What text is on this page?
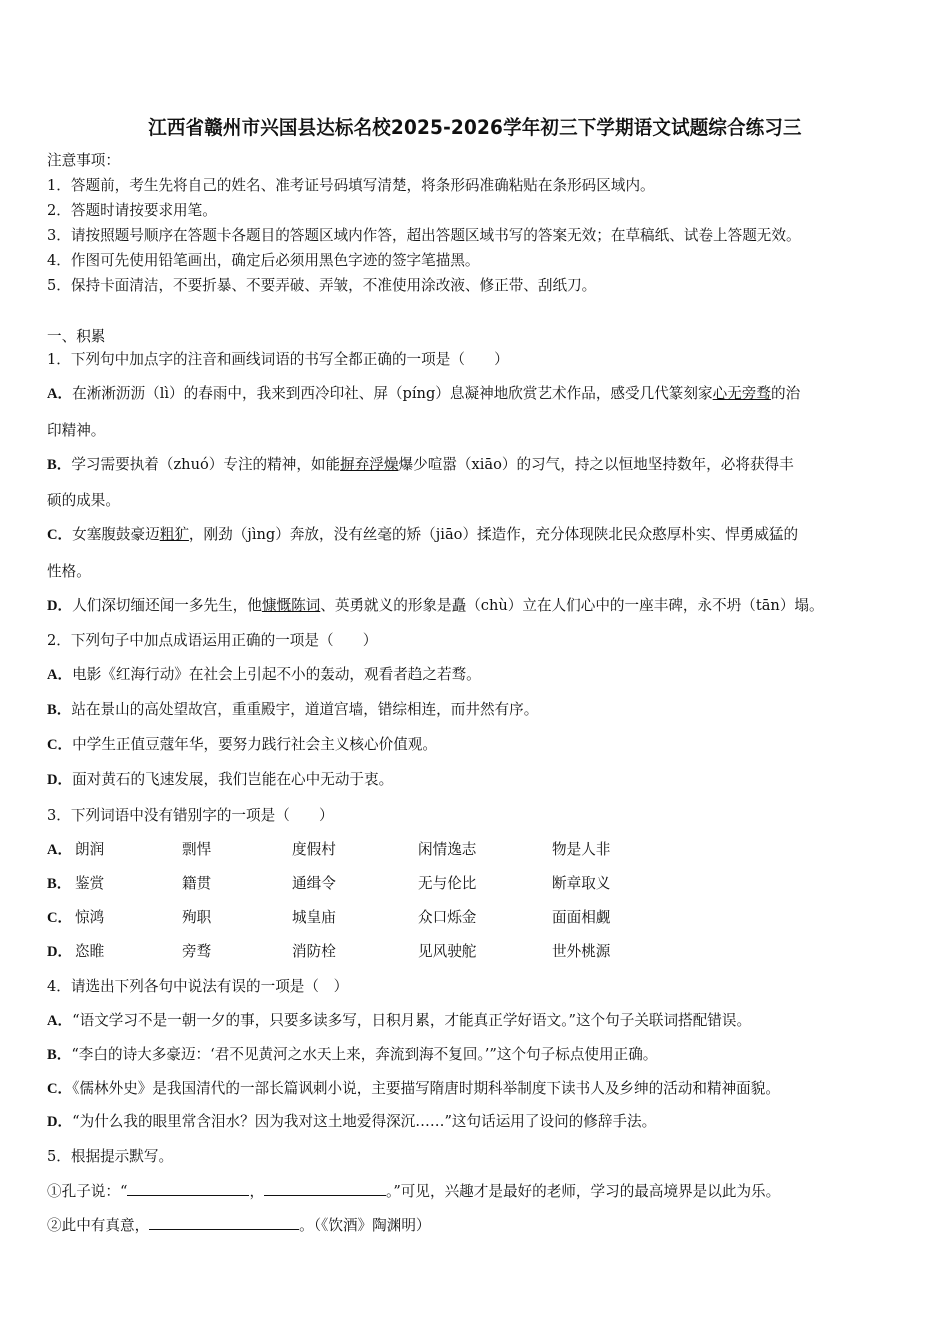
江西省赣州市兴国县达标名校2025-2026学年初三下学期语文试题综合练习三
注意事项：
1．答题前，考生先将自己的姓名、准考证号码填写清楚，将条形码准确粘贴在条形码区域内。
2．答题时请按要求用笔。
3．请按照题号顺序在答题卡各题目的答题区域内作答，超出答题区域书写的答案无效；在草稿纸、试卷上答题无效。
4．作图可先使用铅笔画出，确定后必须用黑色字迹的签字笔描黑。
5．保持卡面清洁，不要折暴、不要弄破、弄皱，不准使用涂改液、修正带、刮纸刀。
一、积累
1．下列句中加点字的注音和画线词语的书写全都正确的一项是（　　）
A．在淅淅沥沥（lì）的春雨中，我来到西冷印社、屏（píng）息凝神地欣赏艺术作品，感受几代篆刻家心无旁骛的治
印精神。
B．学习需要执着（zhuó）专注的精神，如能摒弃浮燥爆少喧嚣（xiāo）的习气，持之以恒地坚持数年，必将获得丰
硕的成果。
C．女塞腹鼓豪迈粗犷，刚劲（jìng）奔放，没有丝毫的矫（jiāo）揉造作，充分体现陕北民众憨厚朴实、悍勇威猛的
性格。
D．人们深切缅还闻一多先生，他慷慨陈词、英勇就义的形象是矗（chù）立在人们心中的一座丰碑，永不坍（tān）塌。
2．下列句子中加点成语运用正确的一项是（　　）
A．电影《红海行动》在社会上引起不小的轰动，观看者趋之若骛。
B．站在景山的高处望故宫，重重殿宇，道道宫墙，错综相连，而井然有序。
C．中学生正值豆蔻年华，要努力践行社会主义核心价值观。
D．面对黄石的飞速发展，我们岂能在心中无动于衷。
3．下列词语中没有错别字的一项是（　　）
A． 朗润	剽悍	度假村	闲情逸志	物是人非
B． 鉴赏	籍贯	通缉令	无与伦比	断章取义
C． 惊鸿	殉职	城皇庙	众口烁金	面面相觑
D． 恣睢	旁骛	消防栓	见风驶舵	世外桃源
4．请选出下列各句中说法有误的一项是（　）
A．“语文学习不是一朝一夕的事，只要多读多写，日积月累，才能真正学好语文。”这个句子关联词搭配错误。
B．“李白的诗大多豪迈：‘君不见黄河之水天上来，奔流到海不复回。’”这个句子标点使用正确。
C．《儒林外史》是我国清代的一部长篇讽刺小说，主要描写隋唐时期科举制度下读书人及乡绅的活动和精神面貌。
D．“为什么我的眼里常含泪水？因为我对这土地爱得深沉……”这句话运用了设问的修辞手法。
5．根据提示默写。
①孔子说：“	，	。”可见，兴趣才是最好的老师，学习的最高境界是以此为乐。
②此中有真意，	。（《饮酒》陶渊明）
